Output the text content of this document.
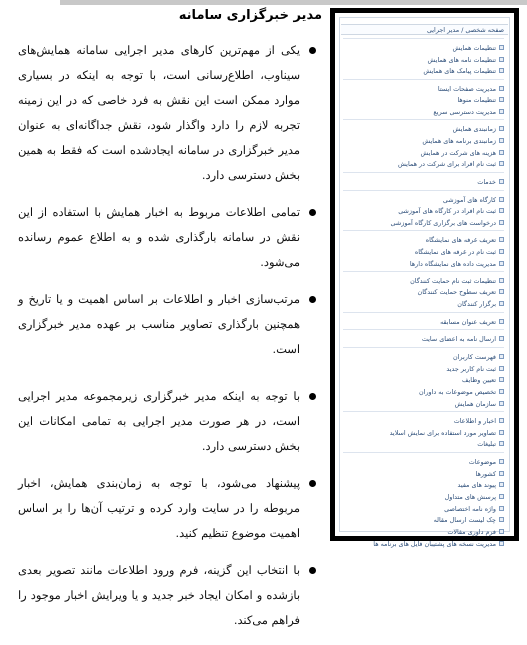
مدیر خبرگزاری سامانه
یکی از مهم‌ترین کارهای مدیر اجرایی سامانه همایش‌های سیناوب، اطلاع‌رسانی است، با توجه به اینکه در بسیاری موارد ممکن است این نقش به فرد خاصی که در این زمینه تجربه لازم را دارد واگذار شود، نقش جداگانه‌ای به عنوان مدیر خبرگزاری در سامانه ایجادشده است که فقط به همین بخش دسترسی دارد.
تمامی اطلاعات مربوط به اخبار همایش با استفاده از این نقش در سامانه بارگذاری شده و به اطلاع عموم رسانده می‌شود.
مرتب‌سازی اخبار و اطلاعات بر اساس اهمیت و یا تاریخ و همچنین بارگذاری تصاویر مناسب بر عهده مدیر خبرگزاری است.
با توجه به اینکه مدیر خبرگزاری زیرمجموعه مدیر اجرایی است، در هر صورت مدیر اجرایی به تمامی امکانات این بخش دسترسی دارد.
پیشنهاد می‌شود، با توجه به زمان‌بندی همایش، اخبار مربوطه را در سایت وارد کرده و ترتیب آن‌ها را بر اساس اهمیت موضوع تنظیم کنید.
با انتخاب این گزینه، فرم ورود اطلاعات مانند تصویر بعدی بازشده و امکان ایجاد خبر جدید و یا ویرایش اخبار موجود را فراهم می‌کند.
صفحه شخصی / مدیر اجرایی
تنظیمات همایش
تنظیمات نامه های همایش
تنظیمات پیامک های همایش
مدیریت صفحات ایستا
تنظیمات منوها
مدیریت دسترسی سریع
زمانبندی همایش
زمانبندی برنامه های همایش
هزینه های شرکت در همایش
ثبت نام افراد برای شرکت در همایش
خدمات
کارگاه های آموزشی
ثبت نام افراد در کارگاه های آموزشی
درخواست های برگزاری کارگاه آموزشی
تعریف غرفه های نمایشگاه
ثبت نام در غرفه های نمایشگاه
مدیریت داده های نمایشگاه دارها
تنظیمات ثبت نام حمایت کنندگان
تعریف سطوح حمایت کنندگان
برگزار کنندگان
تعریف عنوان مسابقه
ارسال نامه به اعضای سایت
فهرست کاربران
ثبت نام کاربر جدید
تعیین وظایف
تخصیص موضوعات به داوران
سازمان همایش
اخبار و اطلاعات
تصاویر مورد استفاده برای نمایش اسلاید
تبلیغات
موضوعات
کشورها
پیوند های مفید
پرسش های متداول
واژه نامه اختصاصی
چک لیست ارسال مقاله
فرم داوری مقالات
مدیریت نسخه های پشتیبان فایل های برنامه ها
